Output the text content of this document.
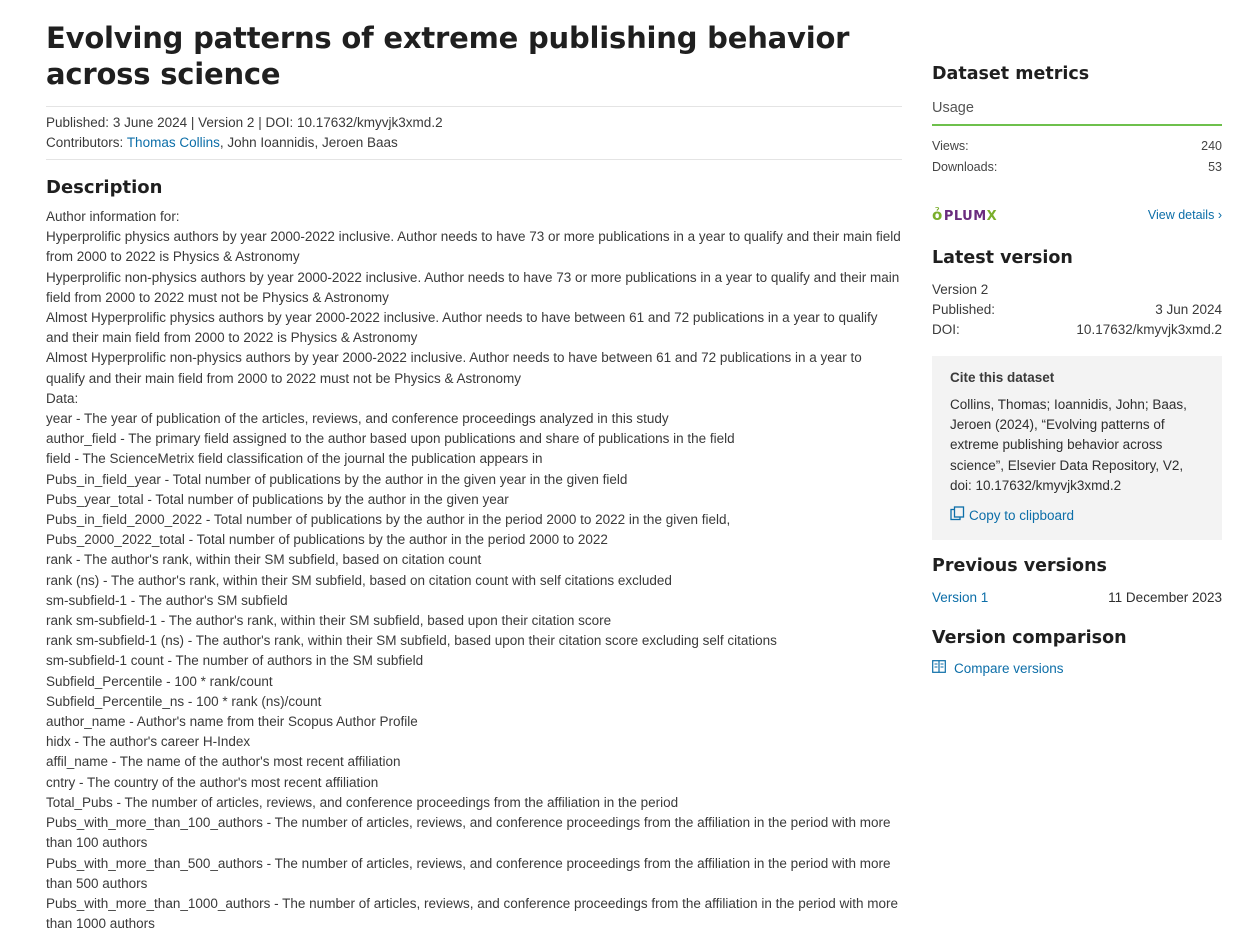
Evolving patterns of extreme publishing behavior across science
Published: 3 June 2024 | Version 2 | DOI: 10.17632/kmyvjk3xmd.2
Contributors: Thomas Collins, John Ioannidis, Jeroen Baas
Description

Author information for:

Hyperprolific physics authors by year 2000-2022 inclusive. Author needs to have 73 or more publications in a year to qualify and their main field from 2000 to 2022 is Physics & Astronomy

Hyperprolific non-physics authors by year 2000-2022 inclusive. Author needs to have 73 or more publications in a year to qualify and their main field from 2000 to 2022 must not be Physics & Astronomy

Almost Hyperprolific physics authors by year 2000-2022 inclusive. Author needs to have between 61 and 72 publications in a year to qualify and their main field from 2000 to 2022 is Physics & Astronomy

Almost Hyperprolific non-physics authors by year 2000-2022 inclusive. Author needs to have between 61 and 72 publications in a year to qualify and their main field from 2000 to 2022 must not be Physics & Astronomy

Data:

year - The year of publication of the articles, reviews, and conference proceedings analyzed in this study

author_field - The primary field assigned to the author based upon publications and share of publications in the field

field - The ScienceMetrix field classification of the journal the publication appears in

Pubs_in_field_year - Total number of publications by the author in the given year in the given field

Pubs_year_total - Total number of publications by the author in the given year

Pubs_in_field_2000_2022 - Total number of publications by the author in the period 2000 to 2022 in the given field,

Pubs_2000_2022_total - Total number of publications by the author in the period 2000 to 2022

rank - The author's rank, within their SM subfield, based on citation count

rank (ns) - The author's rank, within their SM subfield, based on citation count with self citations excluded

sm-subfield-1 - The author's SM subfield

rank sm-subfield-1 - The author's rank, within their SM subfield, based upon their citation score

rank sm-subfield-1 (ns) - The author's rank, within their SM subfield, based upon their citation score excluding self citations

sm-subfield-1 count - The number of authors in the SM subfield

Subfield_Percentile - 100 * rank/count

Subfield_Percentile_ns - 100 * rank (ns)/count

author_name - Author's name from their Scopus Author Profile

hidx - The author's career H-Index

affil_name - The name of the author's most recent affiliation

cntry - The country of the author's most recent affiliation

Total_Pubs - The number of articles, reviews, and conference proceedings from the affiliation in the period

Pubs_with_more_than_100_authors - The number of articles, reviews, and conference proceedings from the affiliation in the period with more than 100 authors

Pubs_with_more_than_500_authors - The number of articles, reviews, and conference proceedings from the affiliation in the period with more than 500 authors

Pubs_with_more_than_1000_authors - The number of articles, reviews, and conference proceedings from the affiliation in the period with more than 1000 authors

Dataset metrics
Usage
Views:	240
Downloads:	53
ỏPLUMX	View details ›
Latest version
Version 2
Published:	3 Jun 2024
DOI:	10.17632/kmyvjk3xmd.2
Cite this dataset
Collins, Thomas; Ioannidis, John; Baas, Jeroen (2024), “Evolving patterns of extreme publishing behavior across science”, Elsevier Data Repository, V2, doi: 10.17632/kmyvjk3xmd.2
Copy to clipboard
Previous versions
Version 1	11 December 2023
Version comparison
Compare versions
